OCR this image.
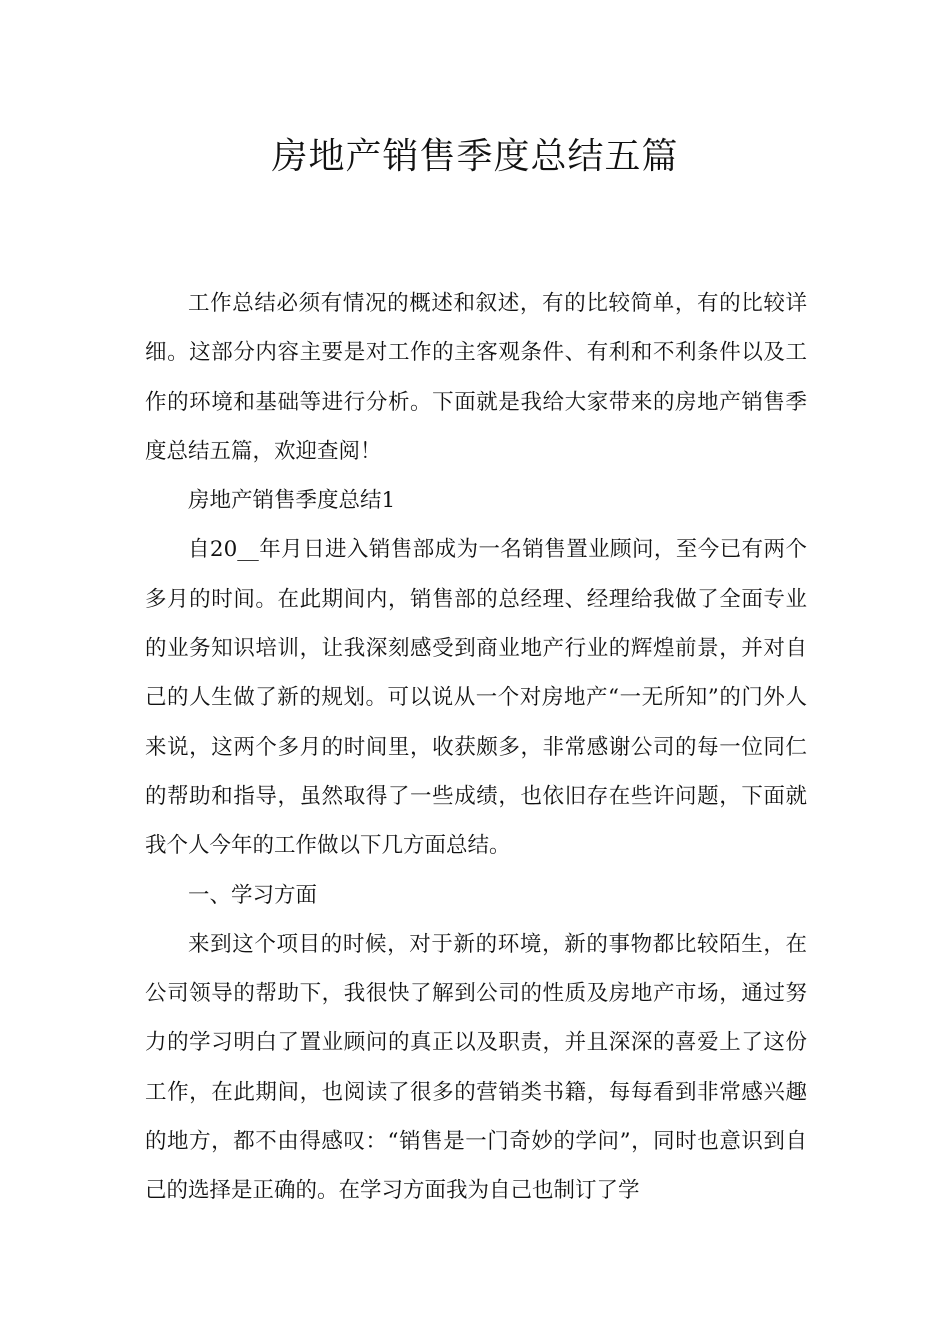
房地产销售季度总结五篇

工作总结必须有情况的概述和叙述，有的比较简单，有的比较详细。这部分内容主要是对工作的主客观条件、有利和不利条件以及工作的环境和基础等进行分析。下面就是我给大家带来的房地产销售季度总结五篇，欢迎查阅！

房地产销售季度总结1

自20__年月日进入销售部成为一名销售置业顾问，至今已有两个多月的时间。在此期间内，销售部的总经理、经理给我做了全面专业的业务知识培训，让我深刻感受到商业地产行业的辉煌前景，并对自己的人生做了新的规划。可以说从一个对房地产“一无所知”的门外人来说，这两个多月的时间里，收获颇多，非常感谢公司的每一位同仁的帮助和指导，虽然取得了一些成绩，也依旧存在些许问题，下面就我个人今年的工作做以下几方面总结。

一、学习方面

来到这个项目的时候，对于新的环境，新的事物都比较陌生，在公司领导的帮助下，我很快了解到公司的性质及房地产市场，通过努力的学习明白了置业顾问的真正以及职责，并且深深的喜爱上了这份工作，在此期间，也阅读了很多的营销类书籍，每每看到非常感兴趣的地方，都不由得感叹：“销售是一门奇妙的学问”，同时也意识到自己的选择是正确的。在学习方面我为自己也制订了学
